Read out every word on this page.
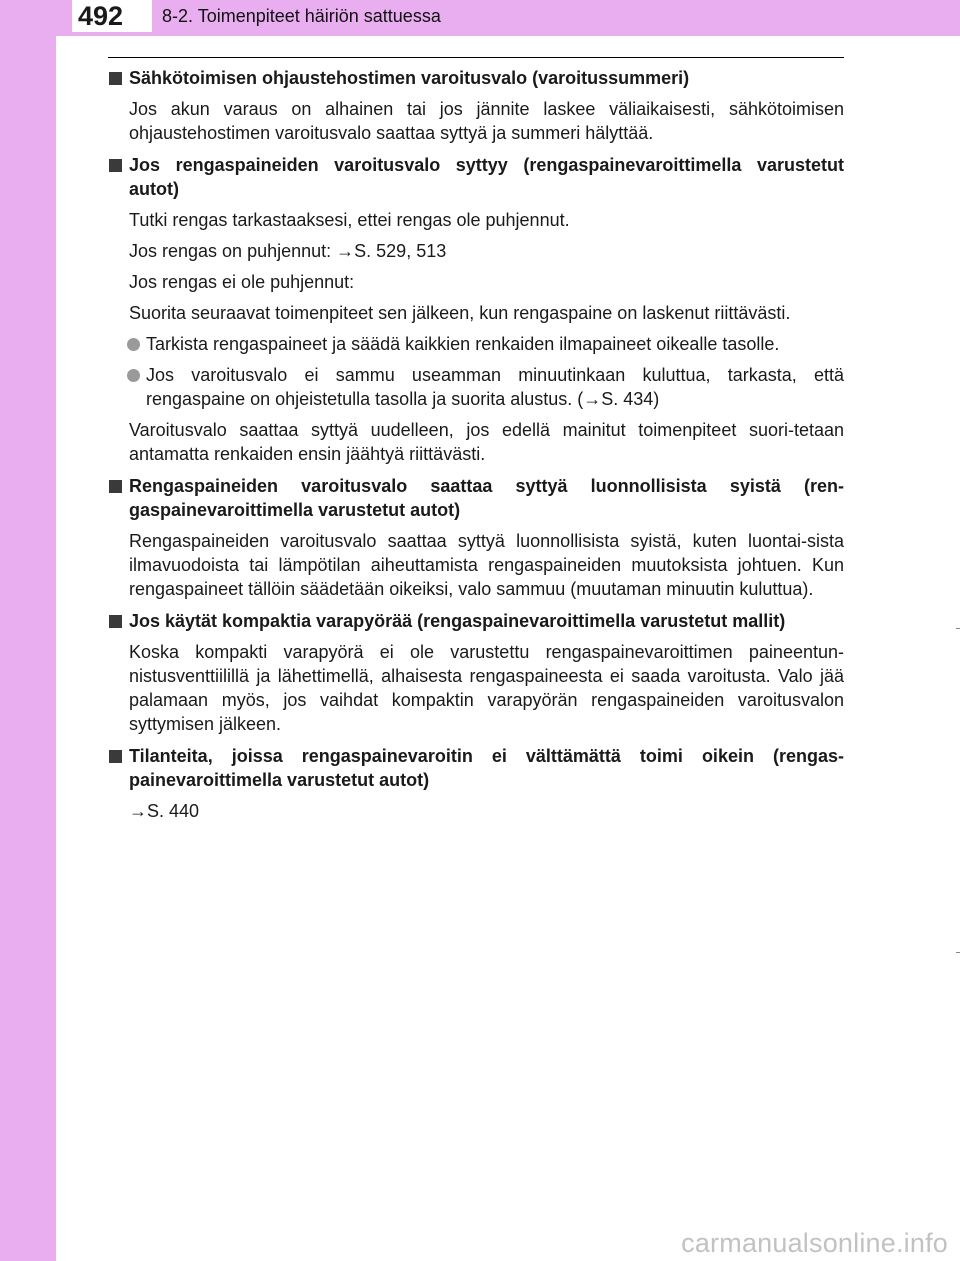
492	8-2. Toimenpiteet häiriön sattuessa
Sähkötoimisen ohjaustehostimen varoitusvalo (varoitussummeri)
Jos akun varaus on alhainen tai jos jännite laskee väliaikaisesti, sähkötoimisen ohjaustehostimen varoitusvalo saattaa syttyä ja summeri hälyttää.
Jos rengaspaineiden varoitusvalo syttyy (rengaspainevaroittimella varustetut autot)
Tutki rengas tarkastaaksesi, ettei rengas ole puhjennut.
Jos rengas on puhjennut: →S. 529, 513
Jos rengas ei ole puhjennut:
Suorita seuraavat toimenpiteet sen jälkeen, kun rengaspaine on laskenut riittävästi.
Tarkista rengaspaineet ja säädä kaikkien renkaiden ilmapaineet oikealle tasolle.
Jos varoitusvalo ei sammu useamman minuutinkaan kuluttua, tarkasta, että rengaspaine on ohjeistetulla tasolla ja suorita alustus. (→S. 434)
Varoitusvalo saattaa syttyä uudelleen, jos edellä mainitut toimenpiteet suori-tetaan antamatta renkaiden ensin jäähtyä riittävästi.
Rengaspaineiden varoitusvalo saattaa syttyä luonnollisista syistä (ren-gaspainevaroittimella varustetut autot)
Rengaspaineiden varoitusvalo saattaa syttyä luonnollisista syistä, kuten luontai-sista ilmavuodoista tai lämpötilan aiheuttamista rengaspaineiden muutoksista johtuen. Kun rengaspaineet tällöin säädetään oikeiksi, valo sammuu (muutaman minuutin kuluttua).
Jos käytät kompaktia varapyörää (rengaspainevaroittimella varustetut mallit)
Koska kompakti varapyörä ei ole varustettu rengaspainevaroittimen paineentun-nistusventtiilillä ja lähettimellä, alhaisesta rengaspaineesta ei saada varoitusta. Valo jää palamaan myös, jos vaihdat kompaktin varapyörän rengaspaineiden varoitusvalon syttymisen jälkeen.
Tilanteita, joissa rengaspainevaroitin ei välttämättä toimi oikein (rengas-painevaroittimella varustetut autot)
→S. 440
carmanualsonline.info
